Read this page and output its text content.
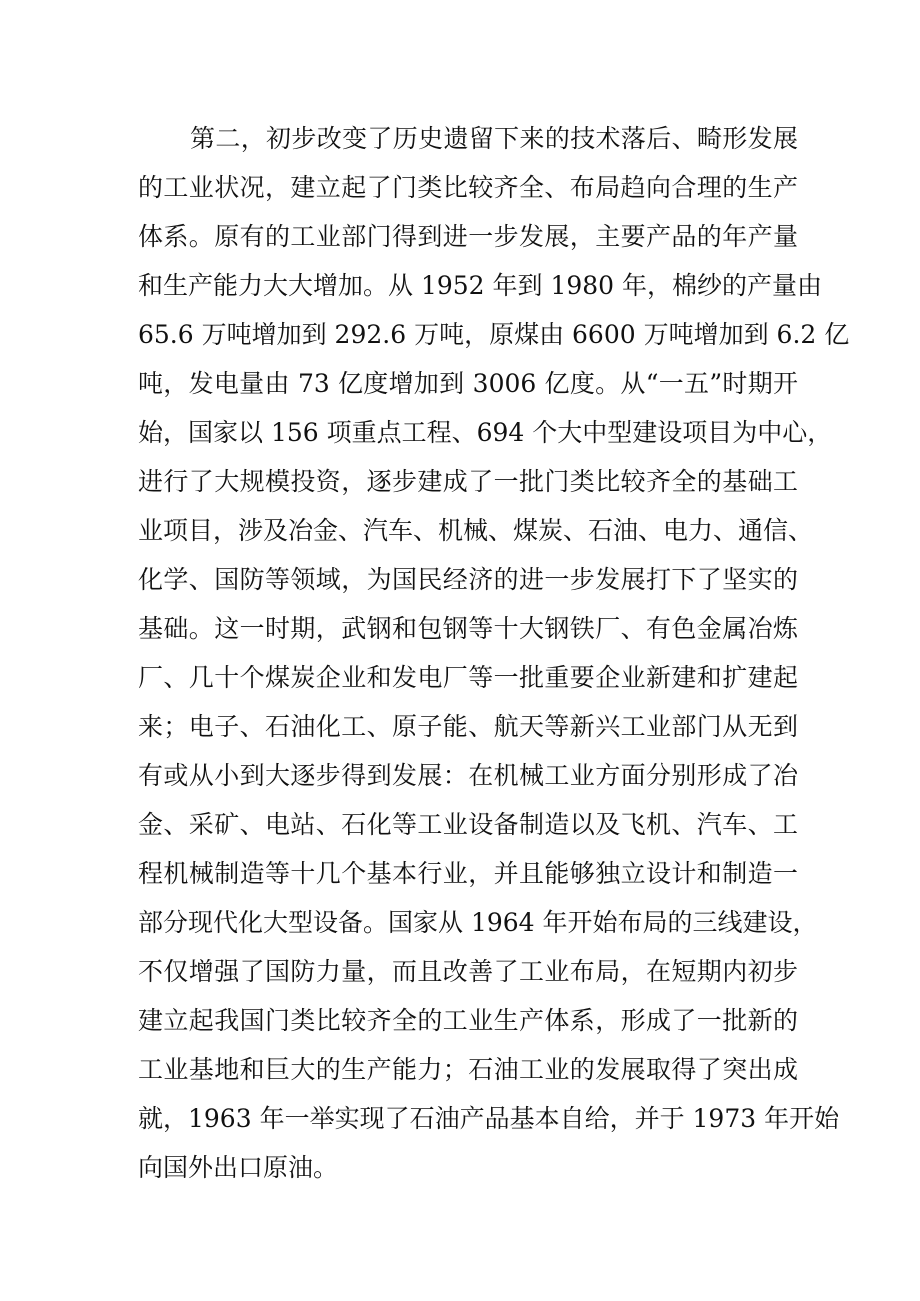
第二，初步改变了历史遗留下来的技术落后、畸形发展
的工业状况，建立起了门类比较齐全、布局趋向合理的生产
体系。原有的工业部门得到进一步发展，主要产品的年产量
和生产能力大大增加。从 1952 年到 1980 年，棉纱的产量由
65.6 万吨增加到 292.6 万吨，原煤由 6600 万吨增加到 6.2 亿
吨，发电量由 73 亿度增加到 3006 亿度。从“一五”时期开
始，国家以 156 项重点工程、694 个大中型建设项目为中心，
进行了大规模投资，逐步建成了一批门类比较齐全的基础工
业项目，涉及冶金、汽车、机械、煤炭、石油、电力、通信、
化学、国防等领域，为国民经济的进一步发展打下了坚实的
基础。这一时期，武钢和包钢等十大钢铁厂、有色金属冶炼
厂、几十个煤炭企业和发电厂等一批重要企业新建和扩建起
来；电子、石油化工、原子能、航天等新兴工业部门从无到
有或从小到大逐步得到发展：在机械工业方面分别形成了冶
金、采矿、电站、石化等工业设备制造以及飞机、汽车、工
程机械制造等十几个基本行业，并且能够独立设计和制造一
部分现代化大型设备。国家从 1964 年开始布局的三线建设，
不仅增强了国防力量，而且改善了工业布局，在短期内初步
建立起我国门类比较齐全的工业生产体系，形成了一批新的
工业基地和巨大的生产能力；石油工业的发展取得了突出成
就，1963 年一举实现了石油产品基本自给，并于 1973 年开始
向国外出口原油。
